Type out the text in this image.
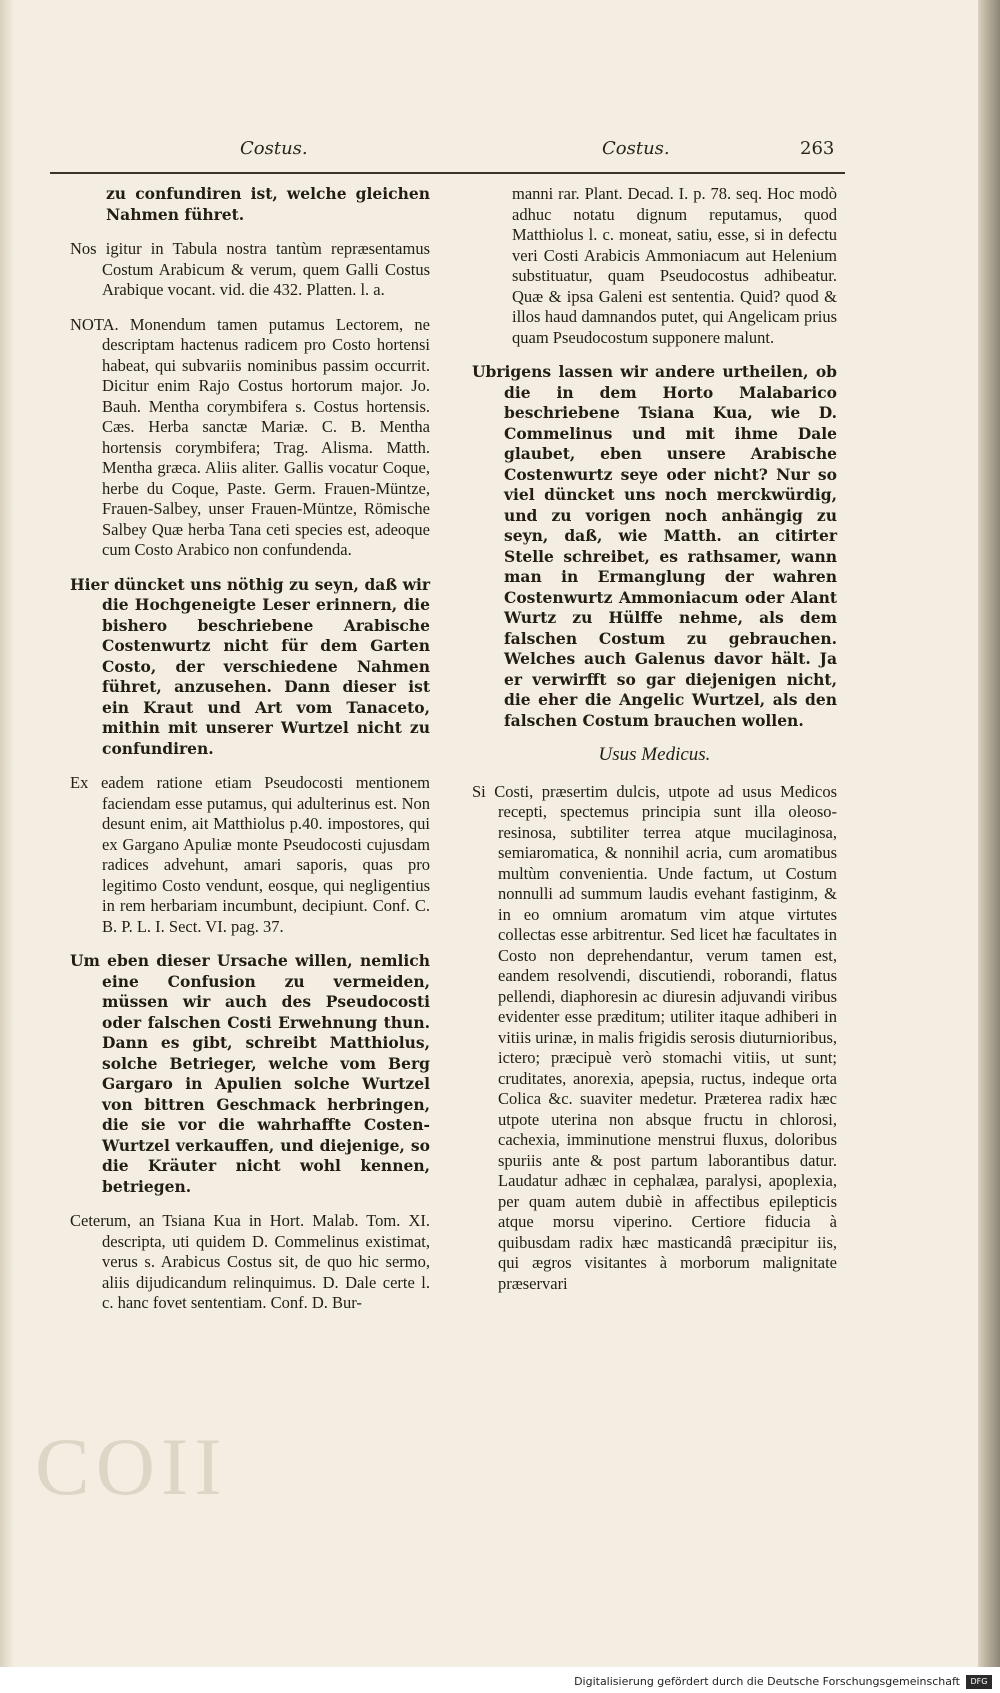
Costus.	Costus.	263
COII

zu confundiren ist, welche gleichen Nahmen führet.

Nos igitur in Tabula nostra tantùm repræsentamus Costum Arabicum & verum, quem Galli Costus Arabique vocant. vid. die 432. Platten. l. a.

NOTA. Monendum tamen putamus Lectorem, ne descriptam hactenus radicem pro Costo hortensi habeat, qui subvariis nominibus passim occurrit. Dicitur enim Rajo Costus hortorum major. Jo. Bauh. Mentha corymbifera s. Costus hortensis. Cæs. Herba sanctæ Mariæ. C. B. Mentha hortensis corymbifera; Trag. Alisma. Matth. Mentha græca. Aliis aliter. Gallis vocatur Coque, herbe du Coque, Paste. Germ. Frauen-Müntze, Frauen-Salbey, unser Frauen-Müntze, Römische Salbey Quæ herba Tana ceti species est, adeoque cum Costo Arabico non confundenda.

Hier düncket uns nöthig zu seyn, daß wir die Hochgeneigte Leser erinnern, die bishero beschriebene Arabische Costenwurtz nicht für dem Garten Costo, der verschiedene Nahmen führet, anzusehen. Dann dieser ist ein Kraut und Art vom Tanaceto, mithin mit unserer Wurtzel nicht zu confundiren.

Ex eadem ratione etiam Pseudocosti mentionem faciendam esse putamus, qui adulterinus est. Non desunt enim, ait Matthiolus p.40. impostores, qui ex Gargano Apuliæ monte Pseudocosti cujusdam radices advehunt, amari saporis, quas pro legitimo Costo vendunt, eosque, qui negligentius in rem herbariam incumbunt, decipiunt. Conf. C. B. P. L. I. Sect. VI. pag. 37.

Um eben dieser Ursache willen, nemlich eine Confusion zu vermeiden, müssen wir auch des Pseudocosti oder falschen Costi Erwehnung thun. Dann es gibt, schreibt Matthiolus, solche Betrieger, welche vom Berg Gargaro in Apulien solche Wurtzel von bittren Geschmack herbringen, die sie vor die wahrhaffte Costen-Wurtzel verkauffen, und diejenige, so die Kräuter nicht wohl kennen, betriegen.

Ceterum, an Tsiana Kua in Hort. Malab. Tom. XI. descripta, uti quidem D. Commelinus existimat, verus s. Arabicus Costus sit, de quo hic sermo, aliis dijudicandum relinquimus. D. Dale certe l. c. hanc fovet sententiam. Conf. D. Bur-

manni rar. Plant. Decad. I. p. 78. seq. Hoc modò adhuc notatu dignum reputamus, quod Matthiolus l. c. moneat, satiu, esse, si in defectu veri Costi Arabicis Ammoniacum aut Helenium substituatur, quam Pseudocostus adhibeatur. Quæ & ipsa Galeni est sententia. Quid? quod & illos haud damnandos putet, qui Angelicam prius quam Pseudocostum supponere malunt.

Ubrigens lassen wir andere urtheilen, ob die in dem Horto Malabarico beschriebene Tsiana Kua, wie D. Commelinus und mit ihme Dale glaubet, eben unsere Arabische Costenwurtz seye oder nicht? Nur so viel düncket uns noch merckwürdig, und zu vorigen noch anhängig zu seyn, daß, wie Matth. an citirter Stelle schreibet, es rathsamer, wann man in Ermanglung der wahren Costenwurtz Ammoniacum oder Alant Wurtz zu Hülffe nehme, als dem falschen Costum zu gebrauchen. Welches auch Galenus davor hält. Ja er verwirfft so gar diejenigen nicht, die eher die Angelic Wurtzel, als den falschen Costum brauchen wollen.

Usus Medicus.

Si Costi, præsertim dulcis, utpote ad usus Medicos recepti, spectemus principia sunt illa oleoso-resinosa, subtiliter terrea atque mucilaginosa, semiaromatica, & nonnihil acria, cum aromatibus multùm convenientia. Unde factum, ut Costum nonnulli ad summum laudis evehant fastiginm, & in eo omnium aromatum vim atque virtutes collectas esse arbitrentur. Sed licet hæ facultates in Costo non deprehendantur, verum tamen est, eandem resolvendi, discutiendi, roborandi, flatus pellendi, diaphoresin ac diuresin adjuvandi viribus evidenter esse præditum; utiliter itaque adhiberi in vitiis urinæ, in malis frigidis serosis diuturnioribus, ictero; præcipuè verò stomachi vitiis, ut sunt; cruditates, anorexia, apepsia, ructus, indeque orta Colica &c. suaviter medetur. Præterea radix hæc utpote uterina non absque fructu in chlorosi, cachexia, imminutione menstrui fluxus, doloribus spuriis ante & post partum laborantibus datur. Laudatur adhæc in cephalæa, paralysi, apoplexia, per quam autem dubiè in affectibus epilepticis atque morsu viperino. Certiore fiducia à quibusdam radix hæc masticandâ præcipitur iis, qui ægros visitantes à morborum malignitate præservari

Digitalisierung gefördert durch die Deutsche Forschungsgemeinschaft	DFG
